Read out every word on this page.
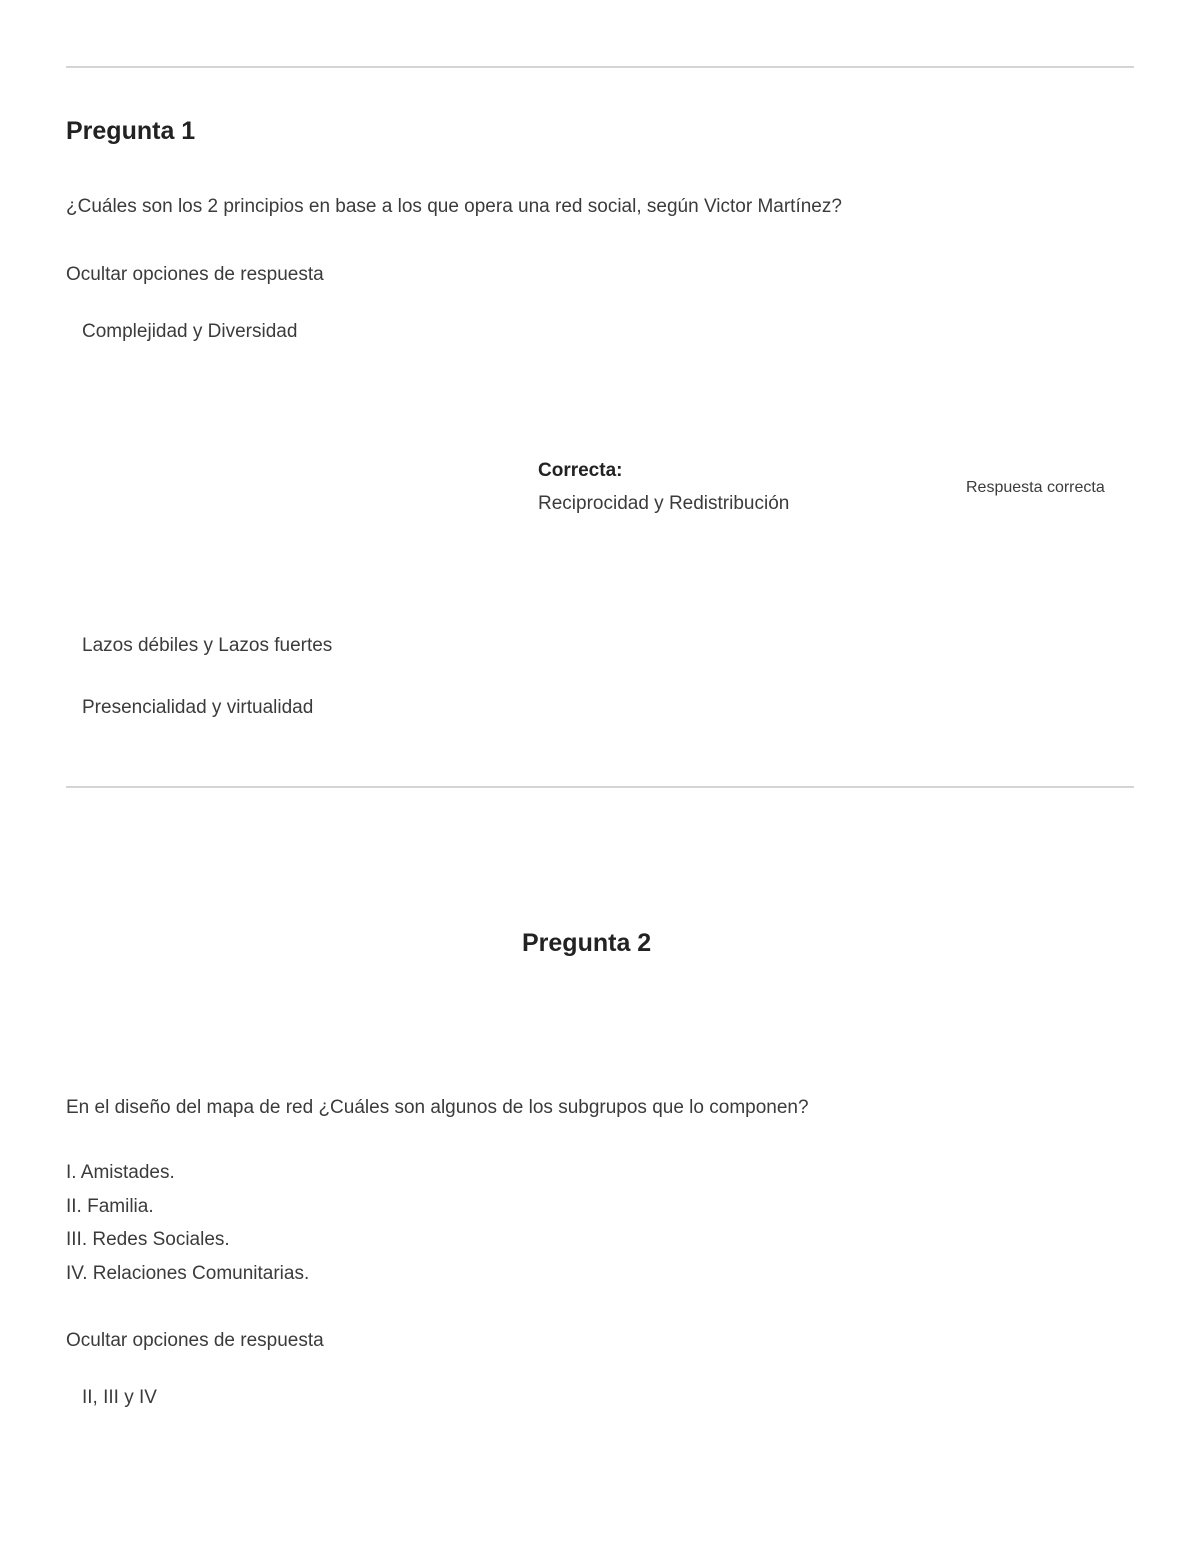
Pregunta 1
¿Cuáles son los 2 principios en base a los que opera una red social, según Victor Martínez?
Ocultar opciones de respuesta
Complejidad y Diversidad
Correcta:
Reciprocidad y Redistribución
Respuesta correcta
Lazos débiles y Lazos fuertes
Presencialidad y virtualidad
Pregunta 2
En el diseño del mapa de red ¿Cuáles son algunos de los subgrupos que lo componen?
I. Amistades.
II. Familia.
III. Redes Sociales.
IV. Relaciones Comunitarias.
Ocultar opciones de respuesta
II, III y IV
